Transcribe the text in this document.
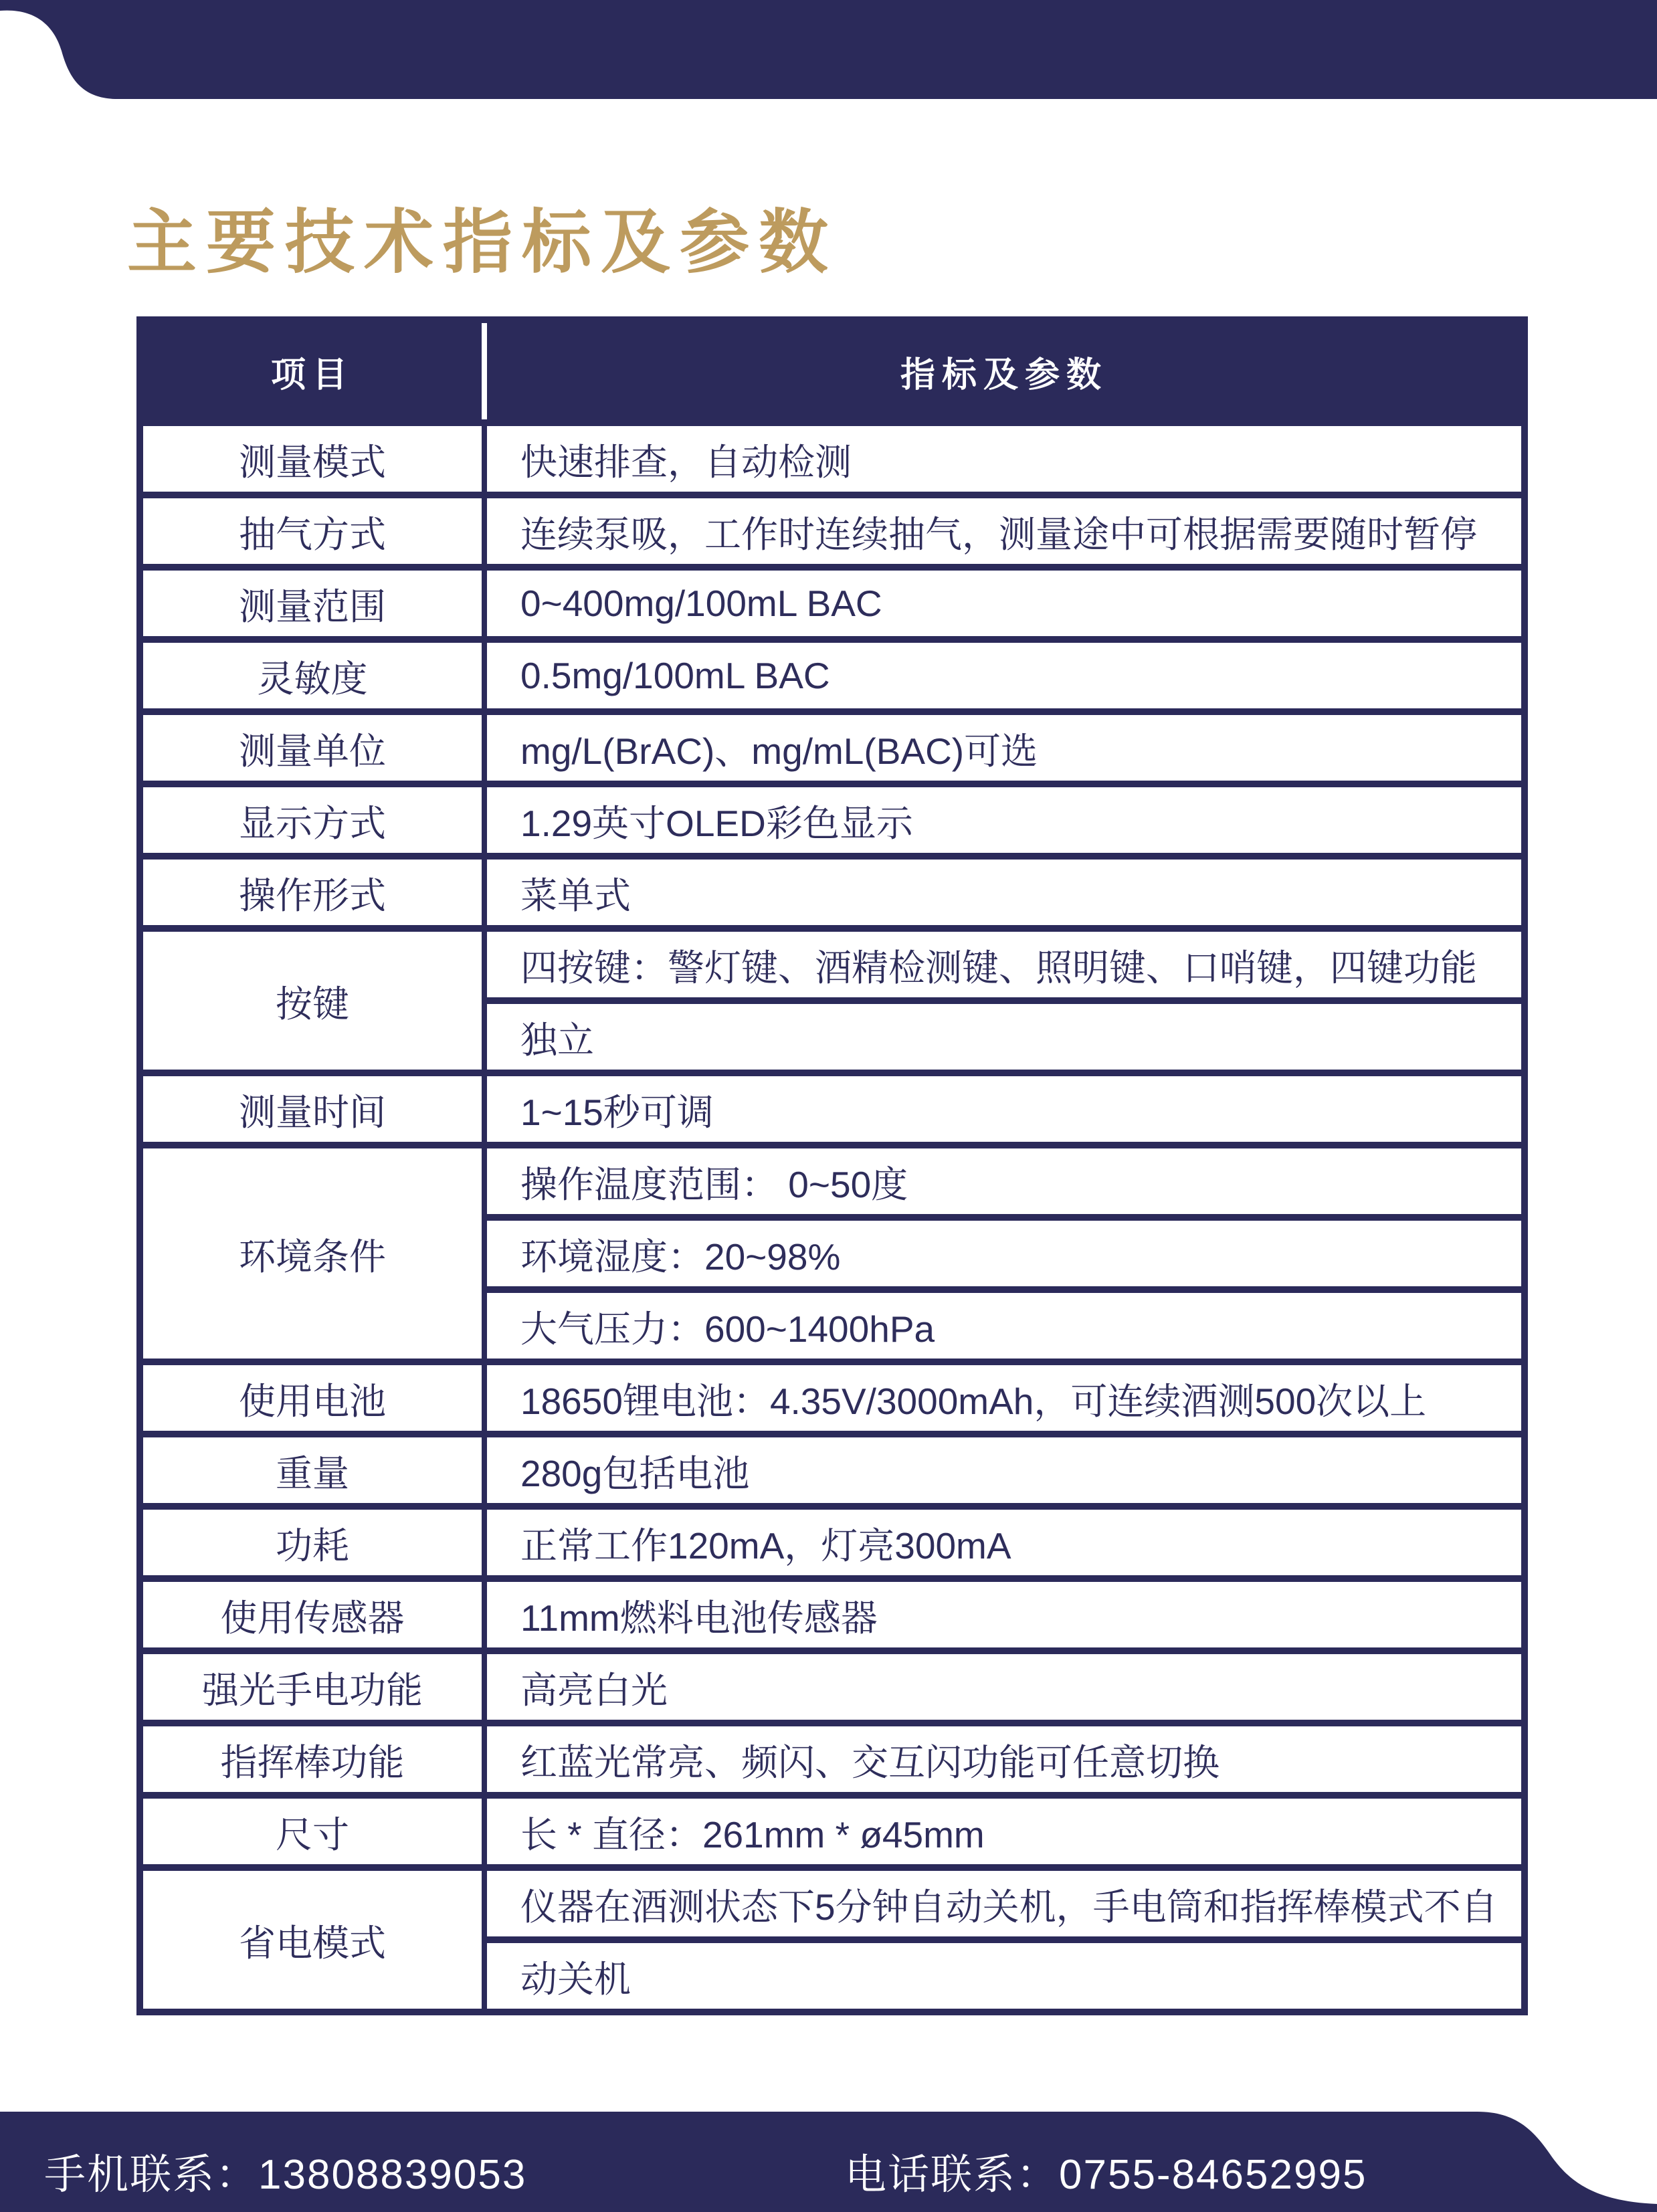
主要技术指标及参数
项目	指标及参数
测量模式	快速排查，自动检测
抽气方式	连续泵吸，工作时连续抽气，测量途中可根据需要随时暂停
测量范围	0~400mg/100mL BAC
灵敏度	0.5mg/100mL BAC
测量单位	mg/L(BrAC)、mg/mL(BAC)可选
显示方式	1.29英寸OLED彩色显示
操作形式	菜单式
按键	四按键：警灯键、酒精检测键、照明键、口哨键，四键功能
	独立
测量时间	1~15秒可调
环境条件	操作温度范围： 0~50度
	环境湿度：20~98%
	大气压力：600~1400hPa
使用电池	18650锂电池：4.35V/3000mAh，可连续酒测500次以上
重量	280g包括电池
功耗	正常工作120mA，灯亮300mA
使用传感器	11mm燃料电池传感器
强光手电功能	高亮白光
指挥棒功能	红蓝光常亮、频闪、交互闪功能可任意切换
尺寸	长 * 直径：261mm * ø45mm
省电模式	仪器在酒测状态下5分钟自动关机，手电筒和指挥棒模式不自
	动关机
手机联系：13808839053	电话联系：0755-84652995
